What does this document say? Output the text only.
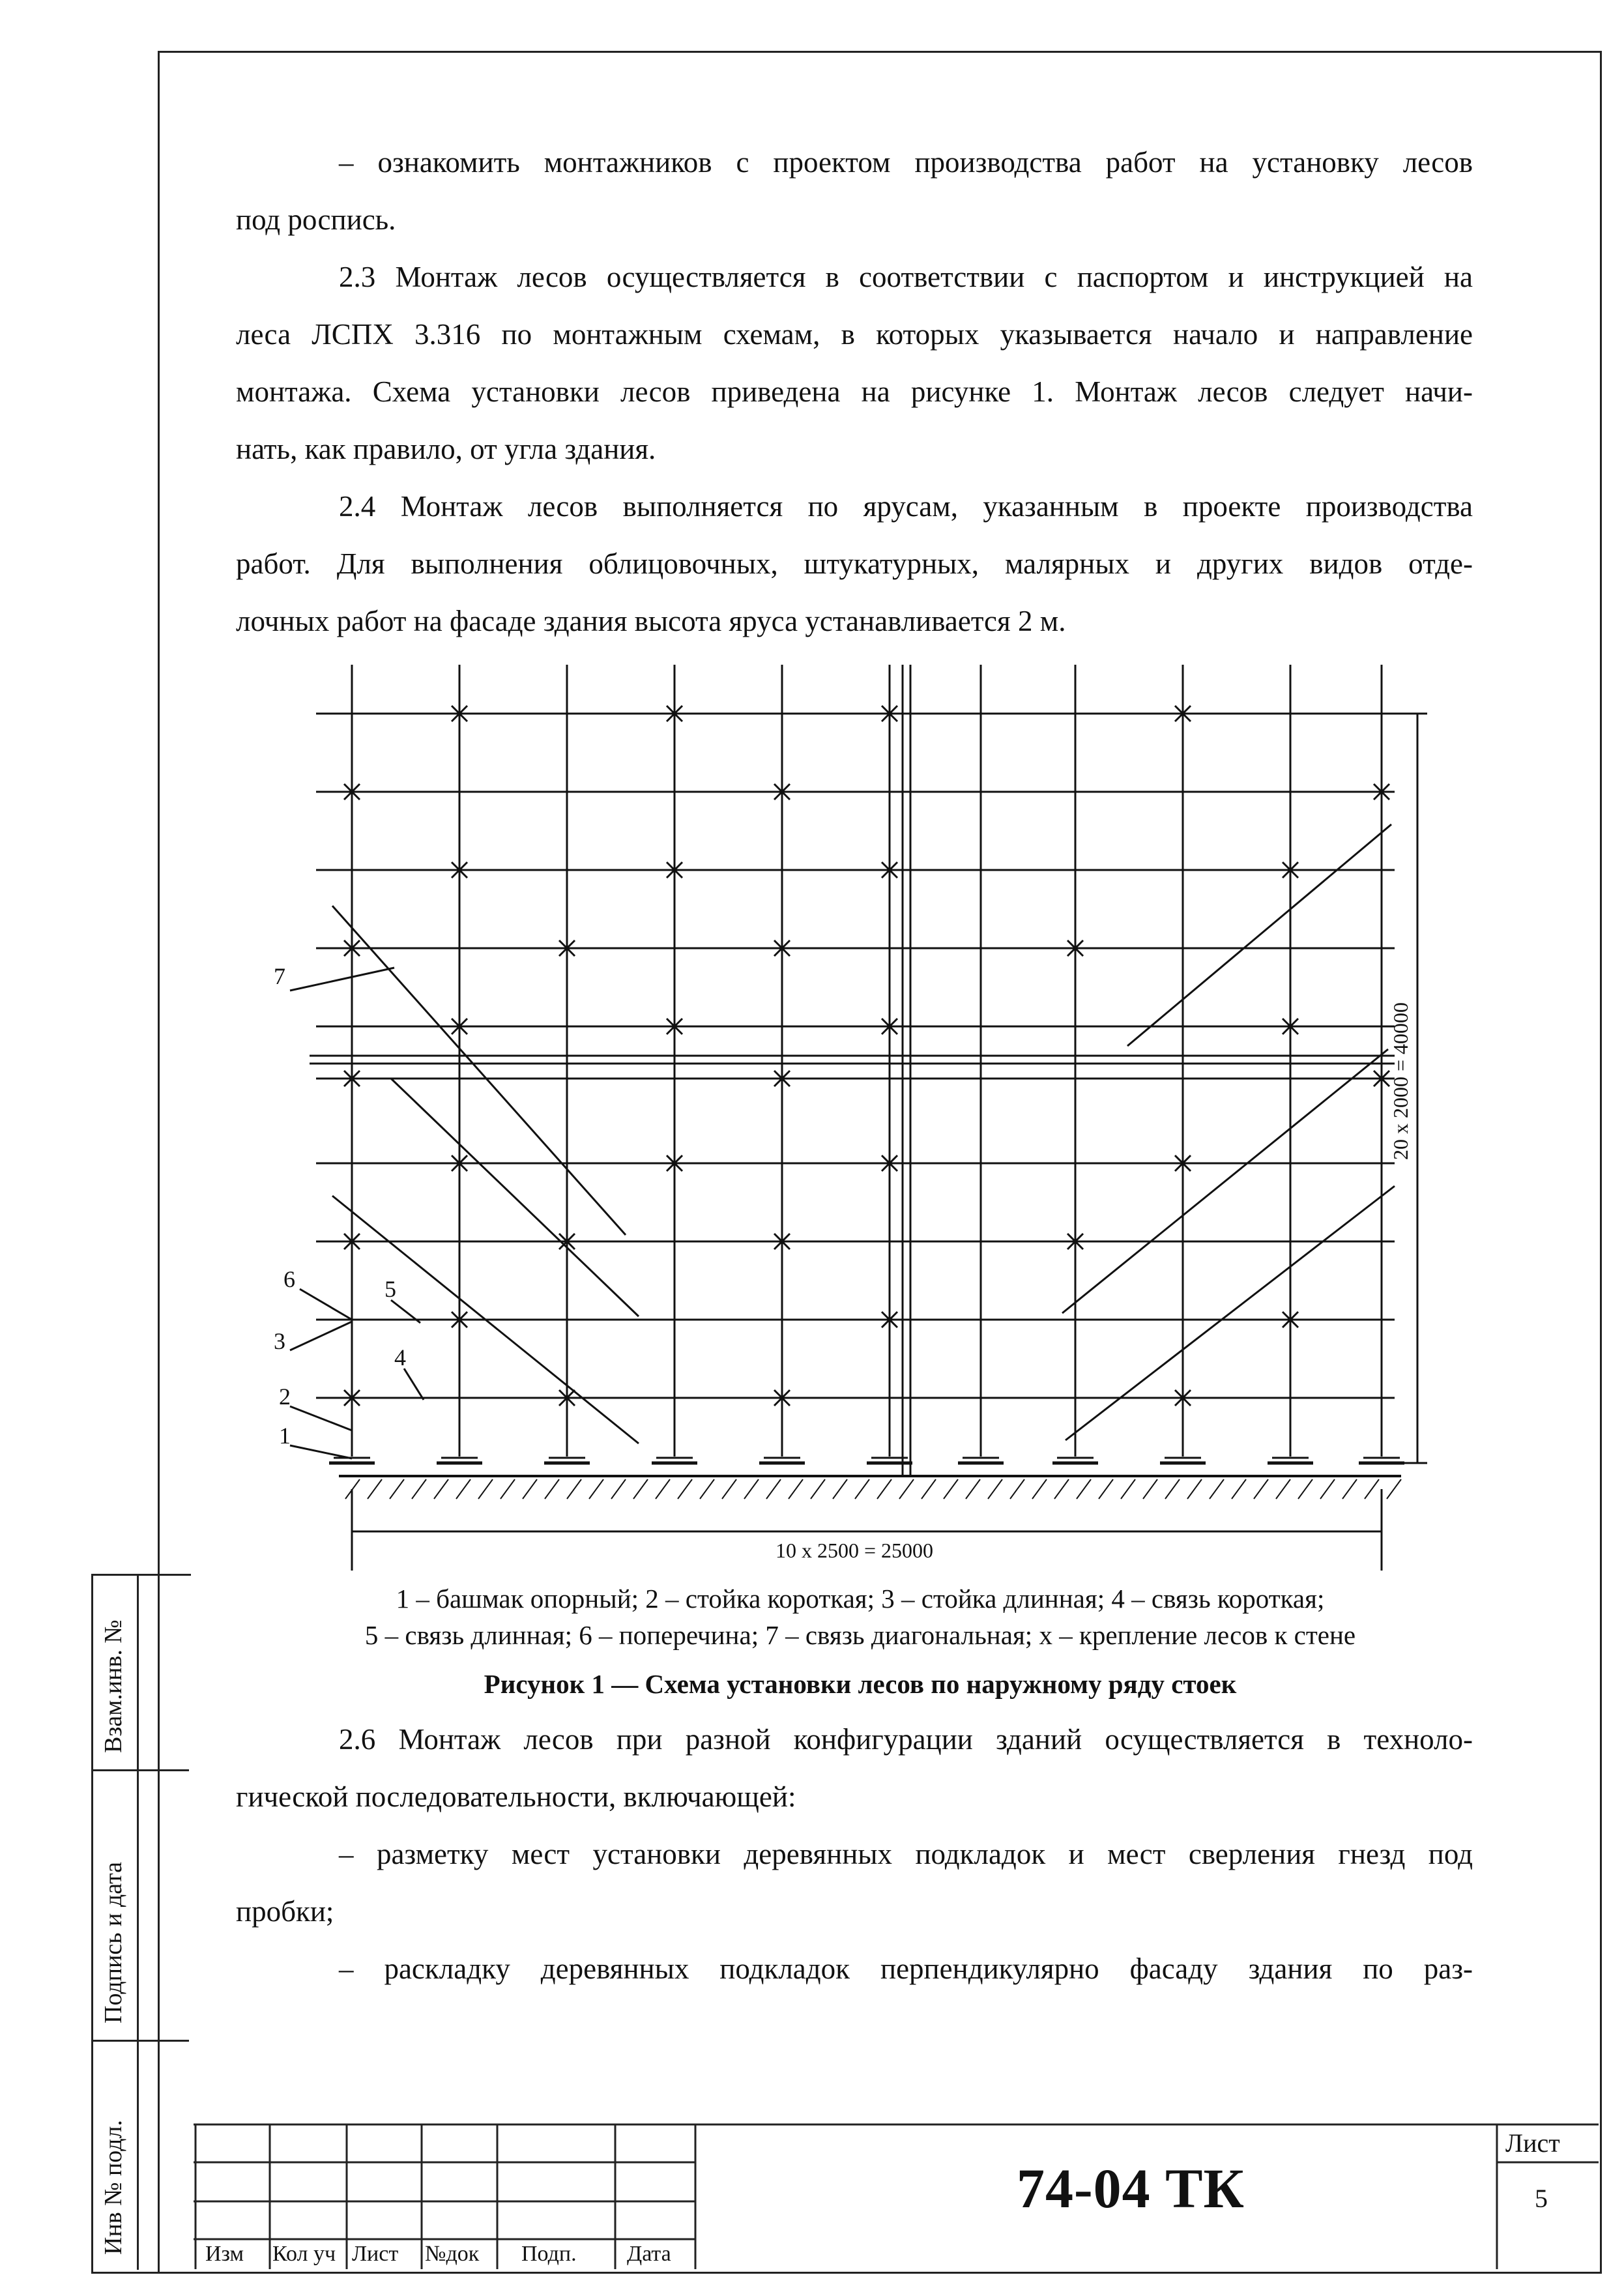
– ознакомить монтажников с проектом производства работ на установку лесов

под роспись.

2.3 Монтаж лесов осуществляется в соответствии с паспортом и инструкцией на

леса ЛСПХ 3.316 по монтажным схемам, в которых указывается начало и направление

монтажа. Схема установки лесов приведена на рисунке 1. Монтаж лесов следует начи-

нать, как правило, от угла здания.

2.4 Монтаж лесов выполняется по ярусам, указанным в проекте производства

работ. Для выполнения облицовочных, штукатурных, малярных и других видов отде-

лочных работ на фасаде здания высота яруса устанавливается 2 м.

20 x 2000 = 40000
10 x 2500 = 25000
1
2
3
4
5
6
7
1 – башмак опорный; 2 – стойка короткая; 3 – стойка длинная; 4 – связь короткая;
5 – связь длинная; 6 – поперечина; 7 – связь диагональная; х – крепление лесов к стене
Рисунок 1 — Схема установки лесов по наружному ряду стоек

2.6 Монтаж лесов при разной конфигурации зданий осуществляется в техноло-

гической последовательности, включающей:

– разметку мест установки деревянных подкладок и мест сверления гнезд под

пробки;

– раскладку деревянных подкладок перпендикулярно фасаду здания по раз-

Взам.инв. №
Подпись и дата
Инв № подл.	Изм Кол уч Лист №док Подп. Дата
74-04 ТК
Лист
5
